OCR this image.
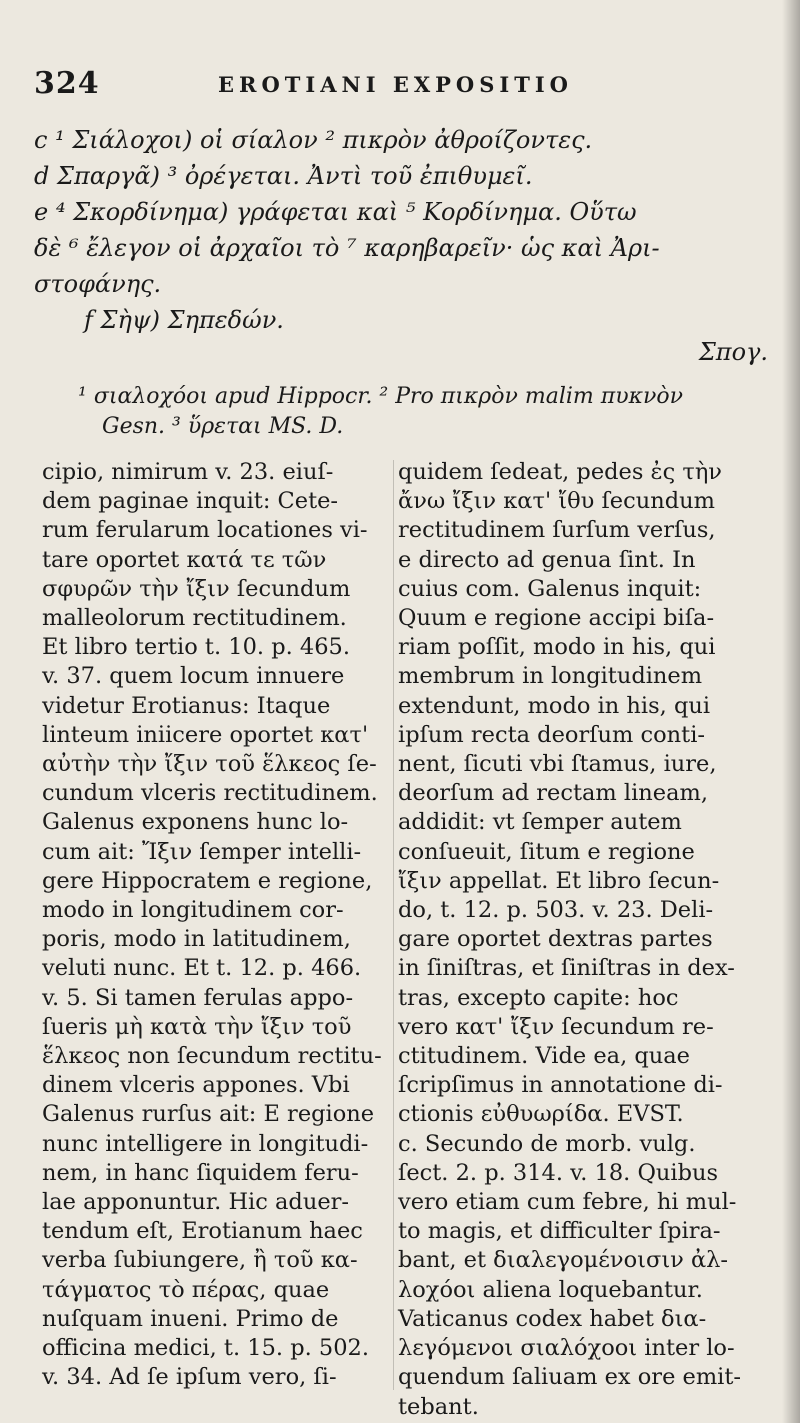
324	EROTIANI EXPOSITIO
c ¹ Σιάλοχοι) οἱ σίαλον ² πικρὸν ἀθροίζοντες.
d Σπαργᾶ) ³ ὀρέγεται. Ἀντὶ τοῦ ἐπιθυμεῖ.
e ⁴ Σκορδίνημα) γράφεται καὶ ⁵ Κορδίνημα. Οὕτω
δὲ ⁶ ἔλεγον οἱ ἀρχαῖοι τὸ ⁷ καρηβαρεῖν· ὡς καὶ Ἀρι-
στοφάνης.
f Σὴψ) Σηπεδών.
Σπογ.
¹ σιαλοχόοι apud Hippocr. ² Pro πικρὸν malim πυκνὸν
Gesn. ³ ὕρεται MS. D.
cipio, nimirum v. 23. eiuſ-
dem paginae inquit: Cete-
rum ferularum locationes vi-
tare oportet κατά τε τῶν
σφυρῶν τὴν ἴξιν ſecundum
malleolorum rectitudinem.
Et libro tertio t. 10. p. 465.
v. 37. quem locum innuere
videtur Erotianus: Itaque
linteum iniicere oportet κατ'
αὐτὴν τὴν ἴξιν τοῦ ἕλκεος ſe-
cundum vlceris rectitudinem.
Galenus exponens hunc lo-
cum ait: Ἴξιν ſemper intelli-
gere Hippocratem e regione,
modo in longitudinem cor-
poris, modo in latitudinem,
veluti nunc. Et t. 12. p. 466.
v. 5. Si tamen ferulas appo-
ſueris μὴ κατὰ τὴν ἴξιν τοῦ
ἕλκεος non ſecundum rectitu-
dinem vlceris appones. Vbi
Galenus rurſus ait: E regione
nunc intelligere in longitudi-
nem, in hanc ſiquidem feru-
lae apponuntur. Hic aduer-
tendum eſt, Erotianum haec
verba ſubiungere, ἢ τοῦ κα-
τάγματος τὸ πέρας, quae
nuſquam inueni. Primo de
officina medici, t. 15. p. 502.
v. 34. Ad ſe ipſum vero, ſi-
quidem ſedeat, pedes ἐς τὴν
ἄνω ἴξιν κατ' ἴθυ ſecundum
rectitudinem ſurſum verſus,
e directo ad genua ſint. In
cuius com. Galenus inquit:
Quum e regione accipi biſa-
riam poſſit, modo in his, qui
membrum in longitudinem
extendunt, modo in his, qui
ipſum recta deorſum conti-
nent, ſicuti vbi ſtamus, iure,
deorſum ad rectam lineam,
addidit: vt ſemper autem
conſueuit, ſitum e regione
ἴξιν appellat. Et libro ſecun-
do, t. 12. p. 503. v. 23. Deli-
gare oportet dextras partes
in ſiniſtras, et ſiniſtras in dex-
tras, excepto capite: hoc
vero κατ' ἴξιν ſecundum re-
ctitudinem. Vide ea, quae
ſcripſimus in annotatione di-
ctionis εὐθυωρίδα. EVST.
c. Secundo de morb. vulg.
ſect. 2. p. 314. v. 18. Quibus
vero etiam cum febre, hi mul-
to magis, et difficulter ſpira-
bant, et διαλεγομένοισιν ἀλ-
λοχόοι aliena loquebantur.
Vaticanus codex habet δια-
λεγόμενοι σιαλόχοοι inter lo-
quendum ſaliuam ex ore emit-
tebant.
